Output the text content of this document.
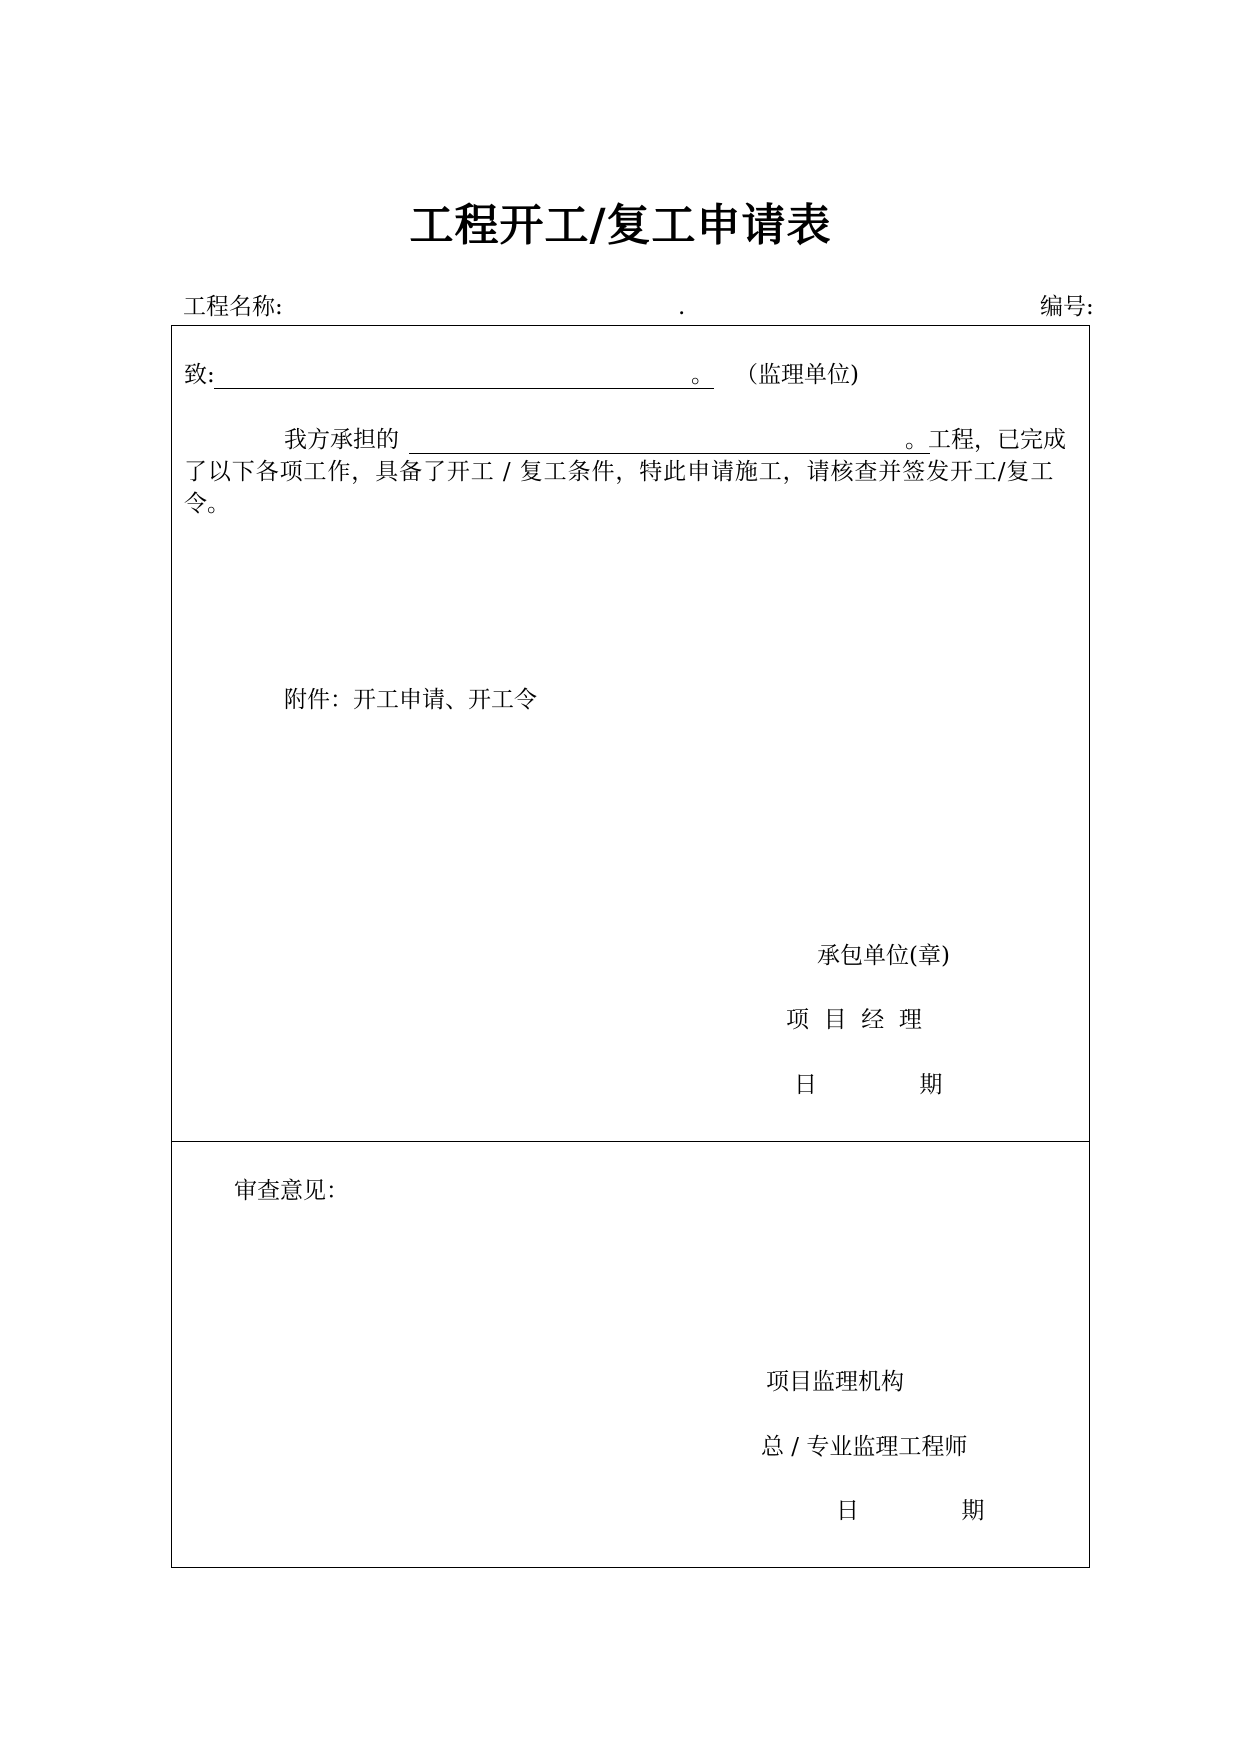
工程开工/复工申请表
工程名称:	.	编号:
致:	。 （监理单位)
我方承担的	。工程，已完成
了以下各项工作，具备了开工 / 复工条件，特此申请施工，请核查并签发开工/复工
令。
附件：开工申请、开工令
承包单位(章)
项  目  经  理
日              期
审查意见：
项目监理机构
总 / 专业监理工程师
日              期
